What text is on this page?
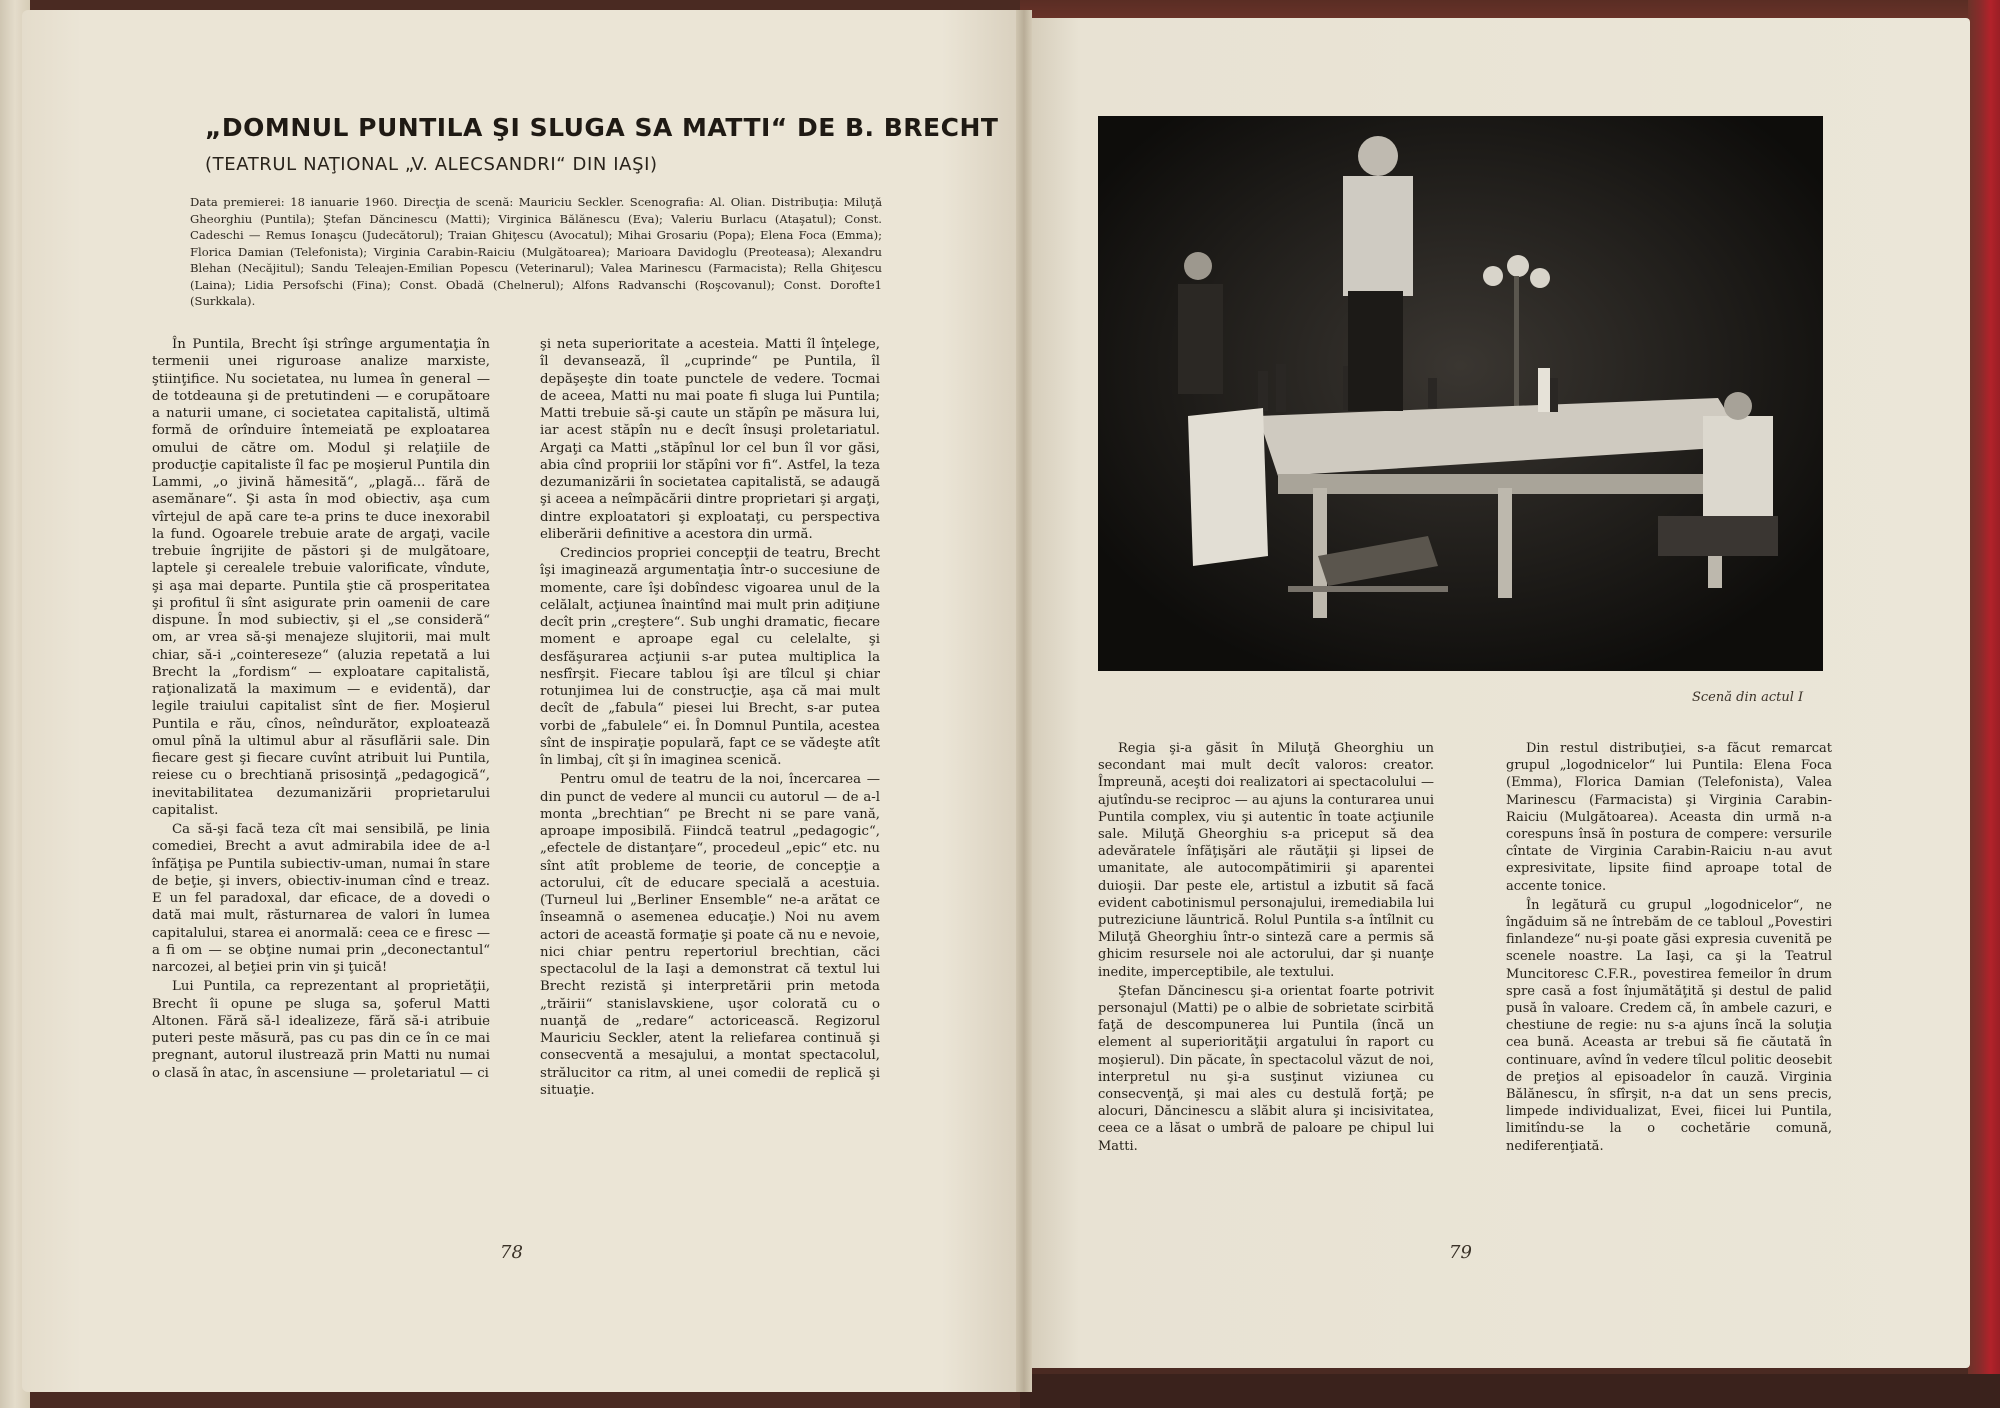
„DOMNUL PUNTILA ŞI SLUGA SA MATTI“ DE B. BRECHT
(TEATRUL NAŢIONAL „V. ALECSANDRI“ DIN IAŞI)
Data premierei: 18 ianuarie 1960. Direcţia de scenă: Mauriciu Seckler. Scenografia: Al. Olian. Distribuţia: Miluţă Gheorghiu (Puntila); Ştefan Dăncinescu (Matti); Virginica Bălănescu (Eva); Valeriu Burlacu (Ataşatul); Const. Cadeschi — Remus Ionaşcu (Judecătorul); Traian Ghiţescu (Avocatul); Mihai Grosariu (Popa); Elena Foca (Emma); Florica Damian (Telefonista); Virginia Carabin-Raiciu (Mulgătoarea); Marioara Davidoglu (Preoteasa); Alexandru Blehan (Necăjitul); Sandu Teleajen-Emilian Popescu (Veterinarul); Valea Marinescu (Farmacista); Rella Ghiţescu (Laina); Lidia Persofschi (Fina); Const. Obadă (Chelnerul); Alfons Radvanschi (Roşcovanul); Const. Dorofte1 (Surkkala).

În Puntila, Brecht îşi strînge argumentaţia în termenii unei riguroase analize marxiste, ştiinţifice. Nu societatea, nu lumea în general — de totdeauna şi de pretutindeni — e corupătoare a naturii umane, ci societatea capitalistă, ultimă formă de orînduire întemeiată pe exploatarea omului de către om. Modul şi relaţiile de producţie capitaliste îl fac pe moşierul Puntila din Lammi, „o jivină hămesită“, „plagă... fără de asemănare“. Şi asta în mod obiectiv, aşa cum vîrtejul de apă care te-a prins te duce inexorabil la fund. Ogoarele trebuie arate de argaţi, vacile trebuie îngrijite de păstori şi de mulgătoare, laptele şi cerealele trebuie valorificate, vîndute, şi aşa mai departe. Puntila ştie că prosperitatea şi profitul îi sînt asigurate prin oamenii de care dispune. În mod subiectiv, şi el „se consideră“ om, ar vrea să-şi menajeze slujitorii, mai mult chiar, să-i „cointereseze“ (aluzia repetată a lui Brecht la „fordism“ — exploatare capitalistă, raţionalizată la maximum — e evidentă), dar legile traiului capitalist sînt de fier. Moşierul Puntila e rău, cînos, neîndurător, exploatează omul pînă la ultimul abur al răsuflării sale. Din fiecare gest şi fiecare cuvînt atribuit lui Puntila, reiese cu o brechtiană prisosinţă „pedagogică“, inevitabilitatea dezumanizării proprietarului capitalist.

Ca să-şi facă teza cît mai sensibilă, pe linia comediei, Brecht a avut admirabila idee de a-l înfăţişa pe Puntila subiectiv-uman, numai în stare de beţie, şi invers, obiectiv-inuman cînd e treaz. E un fel paradoxal, dar eficace, de a dovedi o dată mai mult, răsturnarea de valori în lumea capitalului, starea ei anormală: ceea ce e firesc — a fi om — se obţine numai prin „deconectantul“ narcozei, al beţiei prin vin şi ţuică!

Lui Puntila, ca reprezentant al proprietăţii, Brecht îi opune pe sluga sa, şoferul Matti Altonen. Fără să-l idealizeze, fără să-i atribuie puteri peste măsură, pas cu pas din ce în ce mai pregnant, autorul ilustrează prin Matti nu numai o clasă în atac, în ascensiune — proletariatul — ci

şi neta superioritate a acesteia. Matti îl înţelege, îl devansează, îl „cuprinde“ pe Puntila, îl depăşeşte din toate punctele de vedere. Tocmai de aceea, Matti nu mai poate fi sluga lui Puntila; Matti trebuie să-şi caute un stăpîn pe măsura lui, iar acest stăpîn nu e decît însuşi proletariatul. Argaţi ca Matti „stăpînul lor cel bun îl vor găsi, abia cînd propriii lor stăpîni vor fi“. Astfel, la teza dezumanizării în societatea capitalistă, se adaugă şi aceea a neîmpăcării dintre proprietari şi argaţi, dintre exploatatori şi exploataţi, cu perspectiva eliberării definitive a acestora din urmă.

Credincios propriei concepţii de teatru, Brecht îşi imaginează argumentaţia într-o succesiune de momente, care îşi dobîndesc vigoarea unul de la celălalt, acţiunea înaintînd mai mult prin adiţiune decît prin „creştere“. Sub unghi dramatic, fiecare moment e aproape egal cu celelalte, şi desfăşurarea acţiunii s-ar putea multiplica la nesfîrşit. Fiecare tablou îşi are tîlcul şi chiar rotunjimea lui de construcţie, aşa că mai mult decît de „fabula“ piesei lui Brecht, s-ar putea vorbi de „fabulele“ ei. În Domnul Puntila, acestea sînt de inspiraţie populară, fapt ce se vădeşte atît în limbaj, cît şi în imaginea scenică.

Pentru omul de teatru de la noi, încercarea — din punct de vedere al muncii cu autorul — de a-l monta „brechtian“ pe Brecht ni se pare vană, aproape imposibilă. Fiindcă teatrul „pedagogic“, „efectele de distanţare“, procedeul „epic“ etc. nu sînt atît probleme de teorie, de concepţie a actorului, cît de educare specială a acestuia. (Turneul lui „Berliner Ensemble“ ne-a arătat ce înseamnă o asemenea educaţie.) Noi nu avem actori de această formaţie şi poate că nu e nevoie, nici chiar pentru repertoriul brechtian, căci spectacolul de la Iaşi a demonstrat că textul lui Brecht rezistă şi interpretării prin metoda „trăirii“ stanislavskiene, uşor colorată cu o nuanţă de „redare“ actoricească. Regizorul Mauriciu Seckler, atent la reliefarea continuă şi consecventă a mesajului, a montat spectacolul, strălucitor ca ritm, al unei comedii de replică şi situaţie.

78
Scenă din actul I

Regia şi-a găsit în Miluţă Gheorghiu un secondant mai mult decît valoros: creator. Împreună, aceşti doi realizatori ai spectacolului — ajutîndu-se reciproc — au ajuns la conturarea unui Puntila complex, viu şi autentic în toate acţiunile sale. Miluţă Gheorghiu s-a priceput să dea adevăratele înfăţişări ale răutăţii şi lipsei de umanitate, ale autocompătimirii şi aparentei duioşii. Dar peste ele, artistul a izbutit să facă evident cabotinismul personajului, iremediabila lui putreziciune lăuntrică. Rolul Puntila s-a întîlnit cu Miluţă Gheorghiu într-o sinteză care a permis să ghicim resursele noi ale actorului, dar şi nuanţe inedite, imperceptibile, ale textului.

Ştefan Dăncinescu şi-a orientat foarte potrivit personajul (Matti) pe o albie de sobrietate scirbită faţă de descompunerea lui Puntila (încă un element al superiorităţii argatului în raport cu moşierul). Din păcate, în spectacolul văzut de noi, interpretul nu şi-a susţinut viziunea cu consecvenţă, şi mai ales cu destulă forţă; pe alocuri, Dăncinescu a slăbit alura şi incisivitatea, ceea ce a lăsat o umbră de paloare pe chipul lui Matti.

Din restul distribuţiei, s-a făcut remarcat grupul „logodnicelor“ lui Puntila: Elena Foca (Emma), Florica Damian (Telefonista), Valea Marinescu (Farmacista) şi Virginia Carabin-Raiciu (Mulgătoarea). Aceasta din urmă n-a corespuns însă în postura de compere: versurile cîntate de Virginia Carabin-Raiciu n-au avut expresivitate, lipsite fiind aproape total de accente tonice.

În legătură cu grupul „logodnicelor“, ne îngăduim să ne întrebăm de ce tabloul „Povestiri finlandeze“ nu-şi poate găsi expresia cuvenită pe scenele noastre. La Iaşi, ca şi la Teatrul Muncitoresc C.F.R., povestirea femeilor în drum spre casă a fost înjumătăţită şi destul de palid pusă în valoare. Credem că, în ambele cazuri, e chestiune de regie: nu s-a ajuns încă la soluţia cea bună. Aceasta ar trebui să fie căutată în continuare, avînd în vedere tîlcul politic deosebit de preţios al episoadelor în cauză. Virginia Bălănescu, în sfîrşit, n-a dat un sens precis, limpede individualizat, Evei, fiicei lui Puntila, limitîndu-se la o cochetărie comună, nediferenţiată.

79
